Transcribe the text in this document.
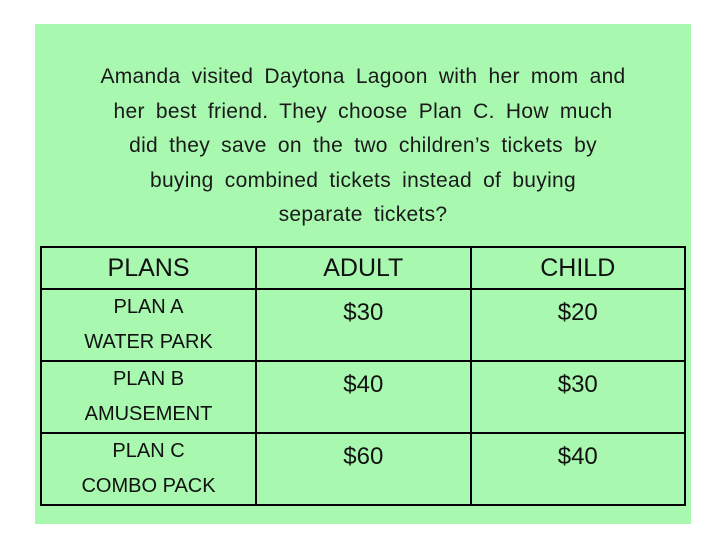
Amanda visited Daytona Lagoon with her mom and
her best friend. They choose Plan C. How much
did they save on the two children’s tickets by
buying combined tickets instead of buying
separate tickets?
PLANS	ADULT	CHILD
PLAN A
WATER PARK	$30	$20

PLAN B
AMUSEMENT	$40	$30

PLAN C
COMBO PACK	$60	$40
